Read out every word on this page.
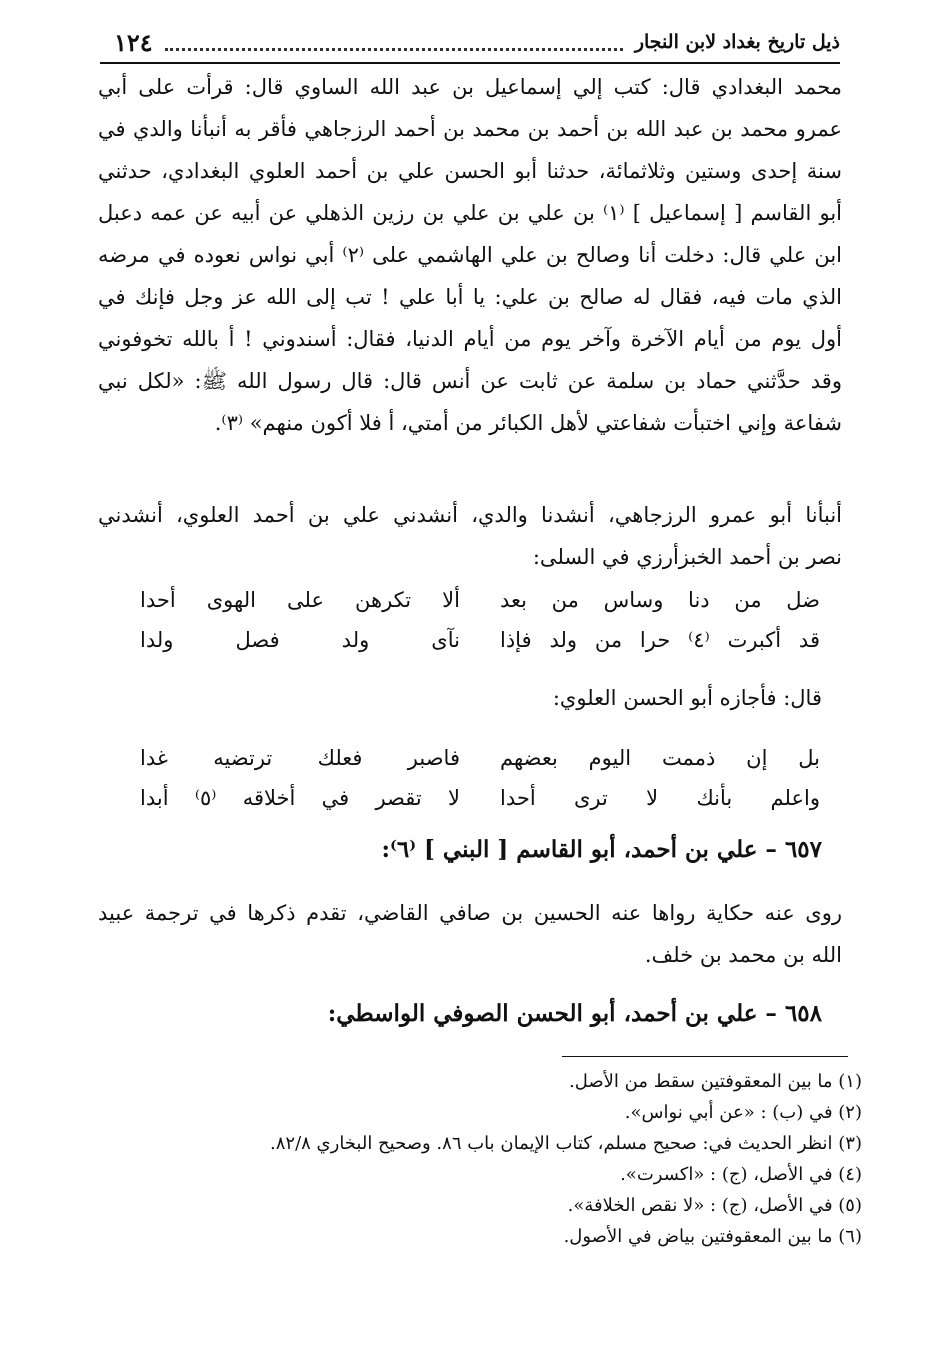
١٢٤	ذيل تاريخ بغداد لابن النجار
محمد البغدادي قال: كتب إلي إسماعيل بن عبد الله الساوي قال: قرأت على أبي
عمرو محمد بن عبد الله بن أحمد بن محمد بن أحمد الرزجاهي فأقر به أنبأنا والدي في
سنة إحدى وستين وثلاثمائة، حدثنا أبو الحسن علي بن أحمد العلوي البغدادي، حدثني
أبو القاسم [ إسماعيل ] ⁽١⁾ بن علي بن علي بن رزين الذهلي عن أبيه عن عمه دعبل
ابن علي قال: دخلت أنا وصالح بن علي الهاشمي على ⁽٢⁾ أبي نواس نعوده في مرضه
الذي مات فيه، فقال له صالح بن علي: يا أبا علي ! تب إلى الله عز وجل فإنك في
أول يوم من أيام الآخرة وآخر يوم من أيام الدنيا، فقال: أسندوني ! أ بالله تخوفوني
وقد حدَّثني حماد بن سلمة عن ثابت عن أنس قال: قال رسول الله ﷺ: «لكل نبي
شفاعة وإني اختبأت شفاعتي لأهل الكبائر من أمتي، أ فلا أكون منهم» ⁽٣⁾.
أنبأنا أبو عمرو الرزجاهي، أنشدنا والدي، أنشدني علي بن أحمد العلوي، أنشدني
نصر بن أحمد الخبزأرزي في السلى:
ضل من دنا وساس من بعد
ألا تكرهن على الهوى أحدا
قد أكبرت ⁽٤⁾ حرا من ولد فإذا
نآى ولد فصل ولدا
قال: فأجازه أبو الحسن العلوي:
بل إن ذممت اليوم بعضهم
فاصبر فعلك ترتضيه غدا
واعلم بأنك لا ترى أحدا
لا تقصر في أخلاقه ⁽٥⁾ أبدا
٦٥٧ – علي بن أحمد، أبو القاسم [ البني ] ⁽٦⁾:
روى عنه حكاية رواها عنه الحسين بن صافي القاضي، تقدم ذكرها في ترجمة عبيد
الله بن محمد بن خلف.
٦٥٨ – علي بن أحمد، أبو الحسن الصوفي الواسطي:
(١) ما بين المعقوفتين سقط من الأصل.
(٢) في (ب) : «عن أبي نواس».
(٣) انظر الحديث في: صحيح مسلم، كتاب الإيمان باب ٨٦. وصحيح البخاري ٨٢/٨.
(٤) في الأصل، (ج) : «اكسرت».
(٥) في الأصل، (ج) : «لا نقص الخلافة».
(٦) ما بين المعقوفتين بياض في الأصول.
